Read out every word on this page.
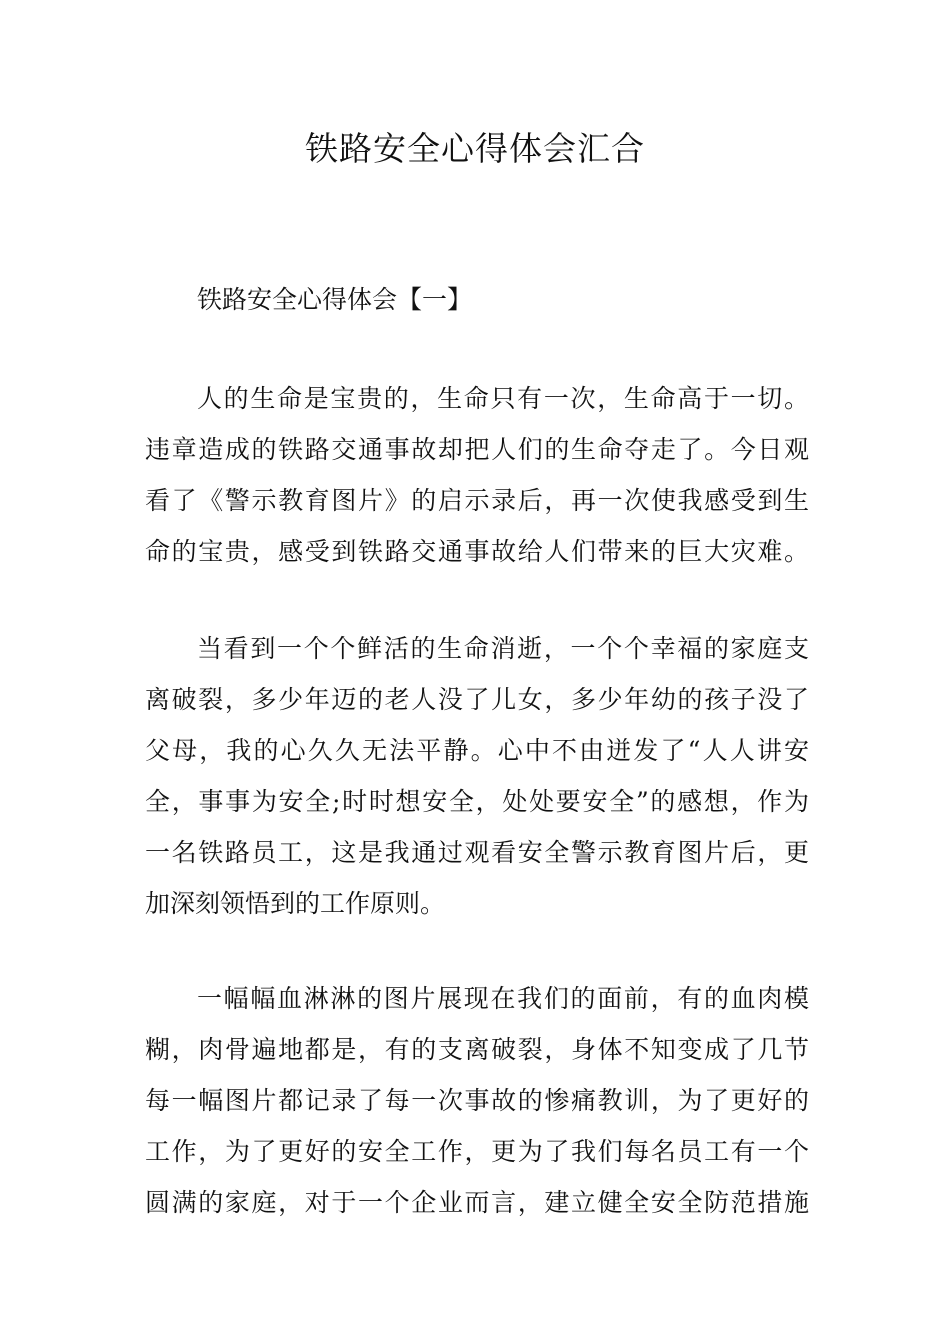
铁路安全心得体会汇合
铁路安全心得体会【一】

人的生命是宝贵的，生命只有一次，生命高于一切。
违章造成的铁路交通事故却把人们的生命夺走了。今日观
看了《警示教育图片》的启示录后，再一次使我感受到生
命的宝贵，感受到铁路交通事故给人们带来的巨大灾难。

当看到一个个鲜活的生命消逝，一个个幸福的家庭支
离破裂，多少年迈的老人没了儿女，多少年幼的孩子没了
父母，我的心久久无法平静。心中不由迸发了“人人讲安
全，事事为安全;时时想安全，处处要安全”的感想，作为
一名铁路员工，这是我通过观看安全警示教育图片后，更
加深刻领悟到的工作原则。

一幅幅血淋淋的图片展现在我们的面前，有的血肉模
糊，肉骨遍地都是，有的支离破裂，身体不知变成了几节
每一幅图片都记录了每一次事故的惨痛教训，为了更好的
工作，为了更好的安全工作，更为了我们每名员工有一个
圆满的家庭，对于一个企业而言，建立健全安全防范措施
